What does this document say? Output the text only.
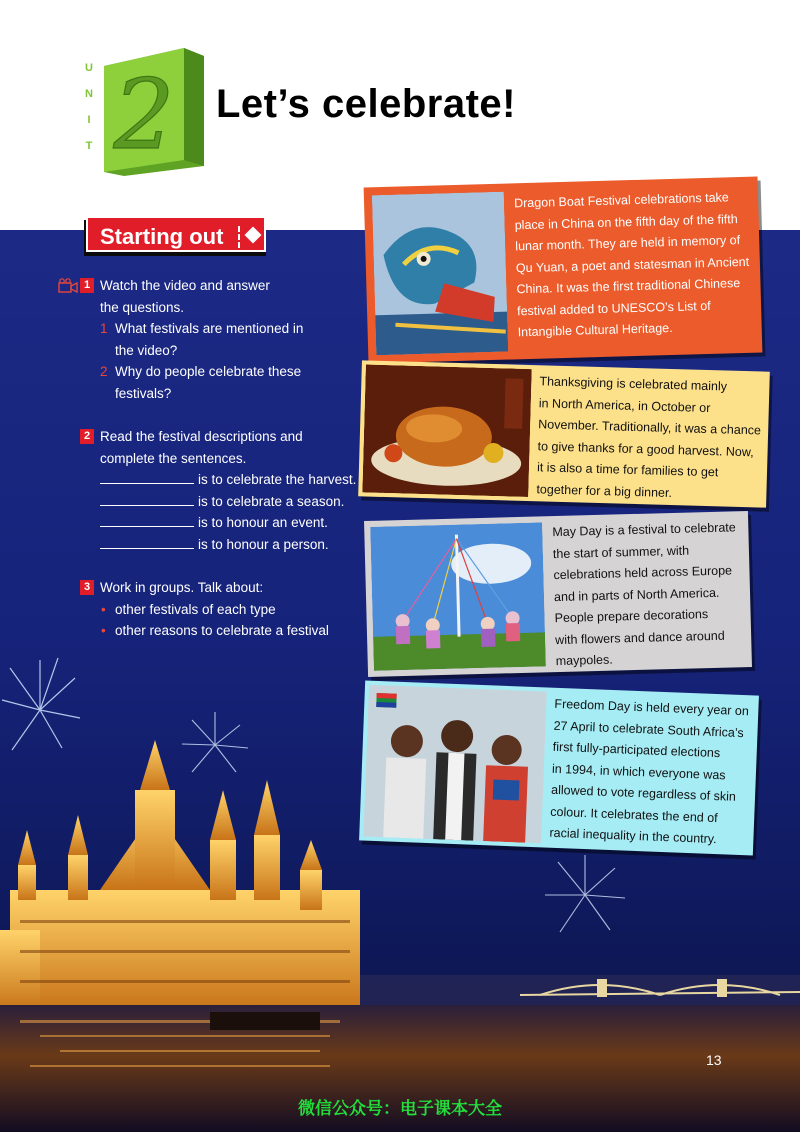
U
N
I
T 2 Let’s celebrate!
Starting out
1 Watch the video and answer
the questions.
1 What festivals are mentioned in
the video?
2 Why do people celebrate these
festivals?
2 Read the festival descriptions and
complete the sentences.
is to celebrate the harvest.
is to celebrate a season.
is to honour an event.
is to honour a person.
3 Work in groups. Talk about:
• other festivals of each type
• other reasons to celebrate a festival
Dragon Boat Festival celebrations take
place in China on the fifth day of the fifth
lunar month. They are held in memory of
Qu Yuan, a poet and statesman in Ancient
China. It was the first traditional Chinese
festival added to UNESCO’s List of
Intangible Cultural Heritage.
Thanksgiving is celebrated mainly
in North America, in October or
November. Traditionally, it was a chance
to give thanks for a good harvest. Now,
it is also a time for families to get
together for a big dinner.
May Day is a festival to celebrate
the start of summer, with
celebrations held across Europe
and in parts of North America.
People prepare decorations
with flowers and dance around
maypoles.
Freedom Day is held every year on
27 April to celebrate South Africa’s
first fully-participated elections
in 1994, in which everyone was
allowed to vote regardless of skin
colour. It celebrates the end of
racial inequality in the country.
13
微信公众号：电子课本大全
